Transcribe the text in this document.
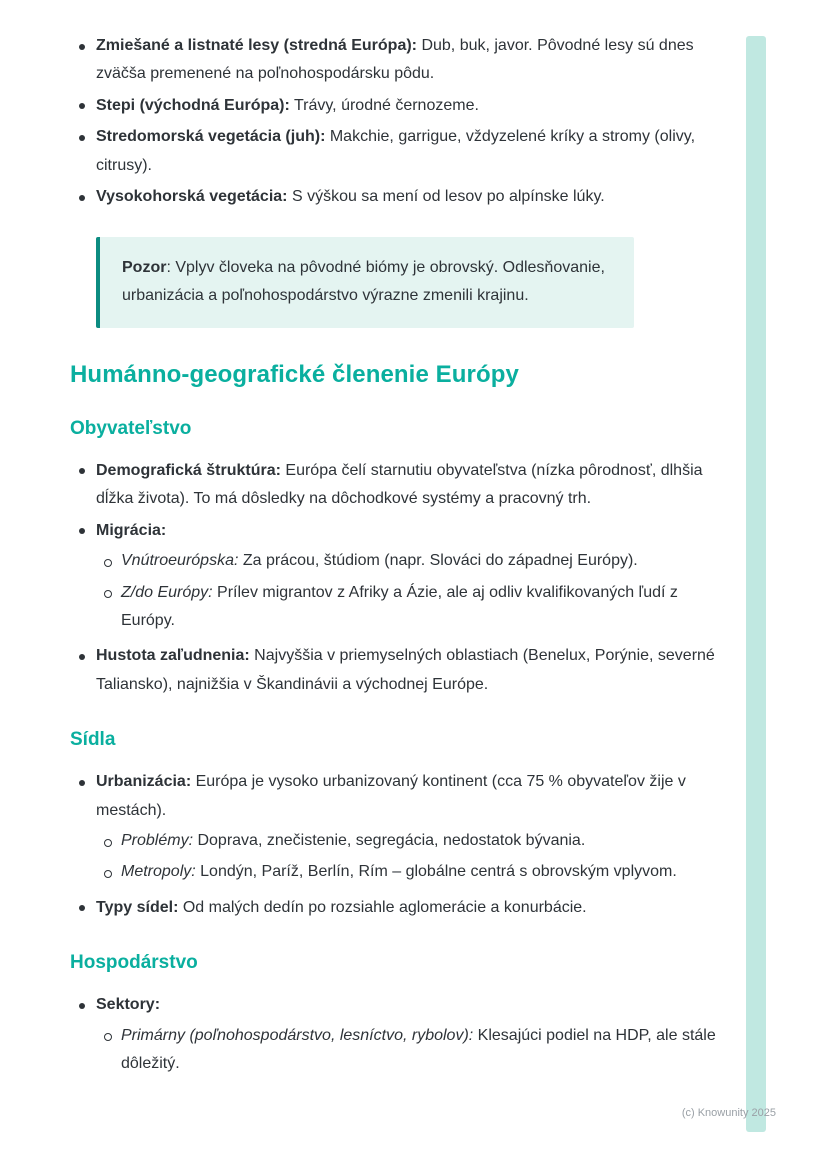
Zmiešané a listnaté lesy (stredná Európa): Dub, buk, javor. Pôvodné lesy sú dnes zväčša premenené na poľnohospodársku pôdu.
Stepi (východná Európa): Trávy, úrodné černozeme.
Stredomorská vegetácia (juh): Makchie, garrigue, vždyzelené kríky a stromy (olivy, citrusy).
Vysokohorská vegetácia: S výškou sa mení od lesov po alpínske lúky.

Pozor: Vplyv človeka na pôvodné biómy je obrovský. Odlesňovanie, urbanizácia a poľnohospodárstvo výrazne zmenili krajinu.

Humánno-geografické členenie Európy
Obyvateľstvo
Demografická štruktúra: Európa čelí starnutiu obyvateľstva (nízka pôrodnosť, dlhšia dĺžka života). To má dôsledky na dôchodkové systémy a pracovný trh.
Migrácia:
Vnútroeurópska: Za prácou, štúdiom (napr. Slováci do západnej Európy).
Z/do Európy: Prílev migrantov z Afriky a Ázie, ale aj odliv kvalifikovaných ľudí z Európy.
Hustota zaľudnenia: Najvyššia v priemyselných oblastiach (Benelux, Porýnie, severné Taliansko), najnižšia v Škandinávii a východnej Európe.
Sídla
Urbanizácia: Európa je vysoko urbanizovaný kontinent (cca 75 % obyvateľov žije v mestách).
Problémy: Doprava, znečistenie, segregácia, nedostatok bývania.
Metropoly: Londýn, Paríž, Berlín, Rím – globálne centrá s obrovským vplyvom.
Typy sídel: Od malých dedín po rozsiahle aglomerácie a konurbácie.
Hospodárstvo
Sektory:
Primárny (poľnohospodárstvo, lesníctvo, rybolov): Klesajúci podiel na HDP, ale stále dôležitý.
(c) Knowunity 2025
